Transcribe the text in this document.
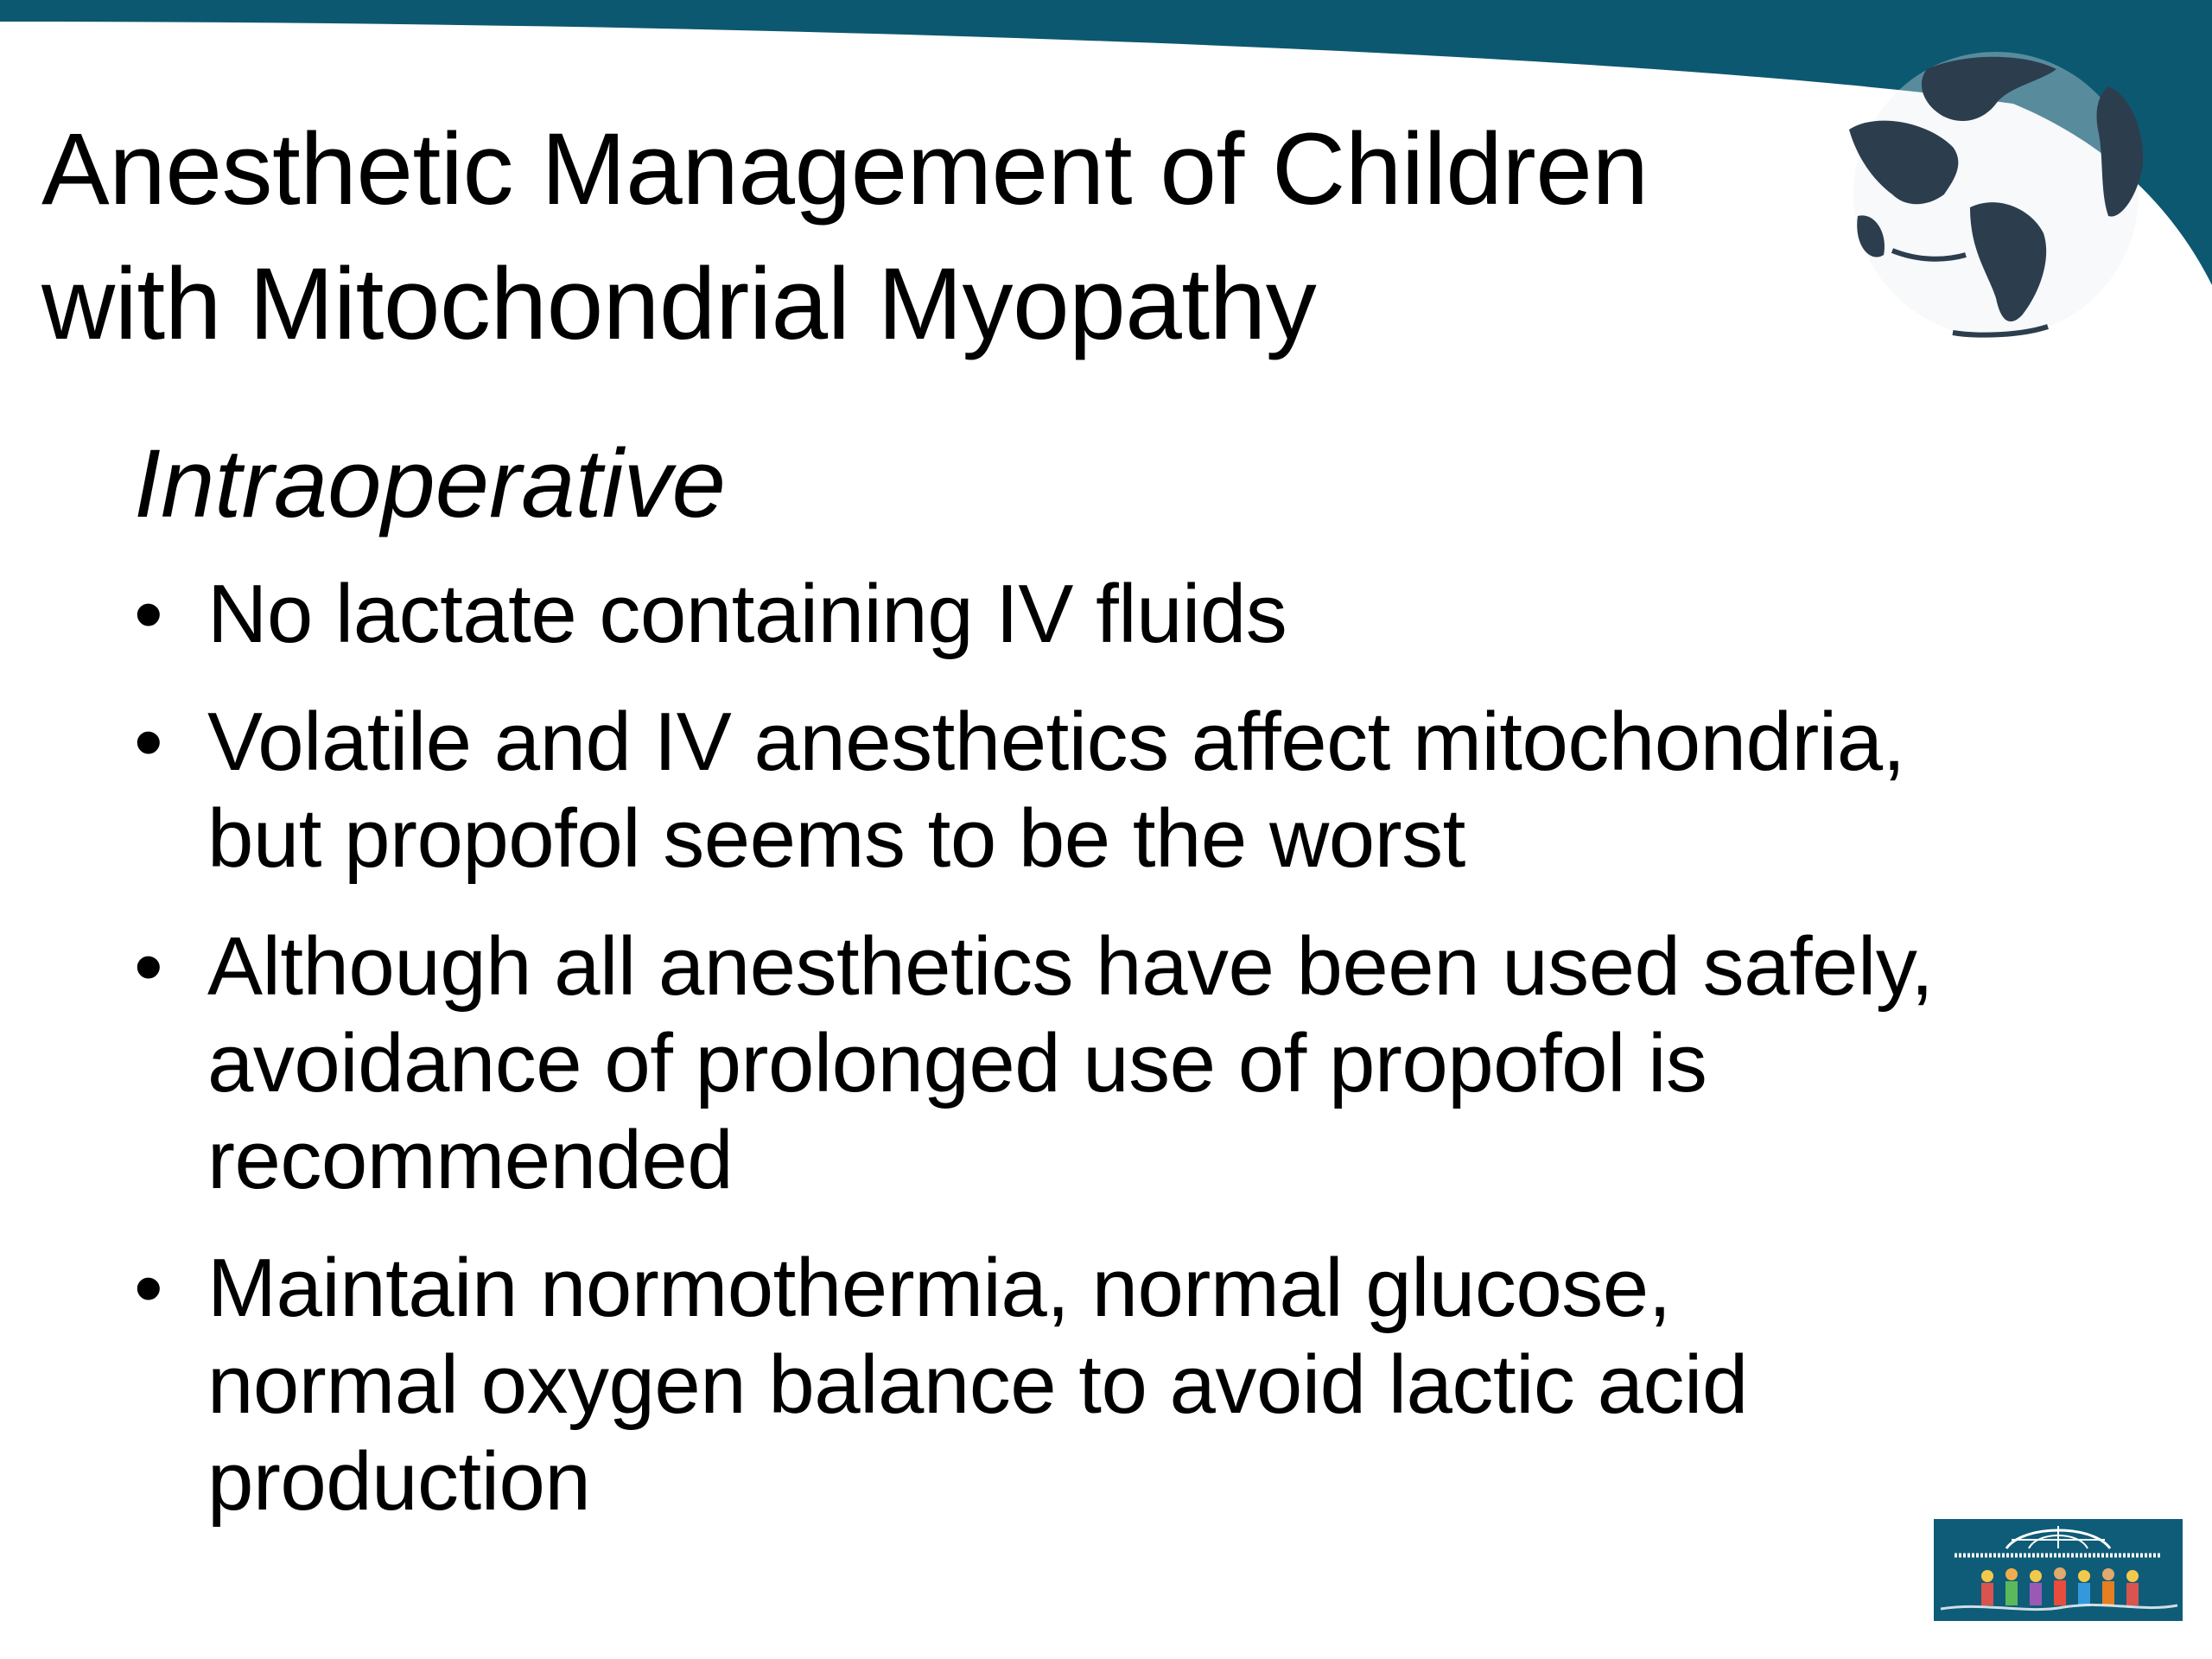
Anesthetic Management of Children
with Mitochondrial Myopathy

Intraoperative

• No lactate containing IV fluids
• Volatile and IV anesthetics affect mitochondria,
but propofol seems to be the worst
• Although all anesthetics have been used safely,
avoidance of prolonged use of propofol is
recommended
• Maintain normothermia, normal glucose,
normal oxygen balance to avoid lactic acid
production
